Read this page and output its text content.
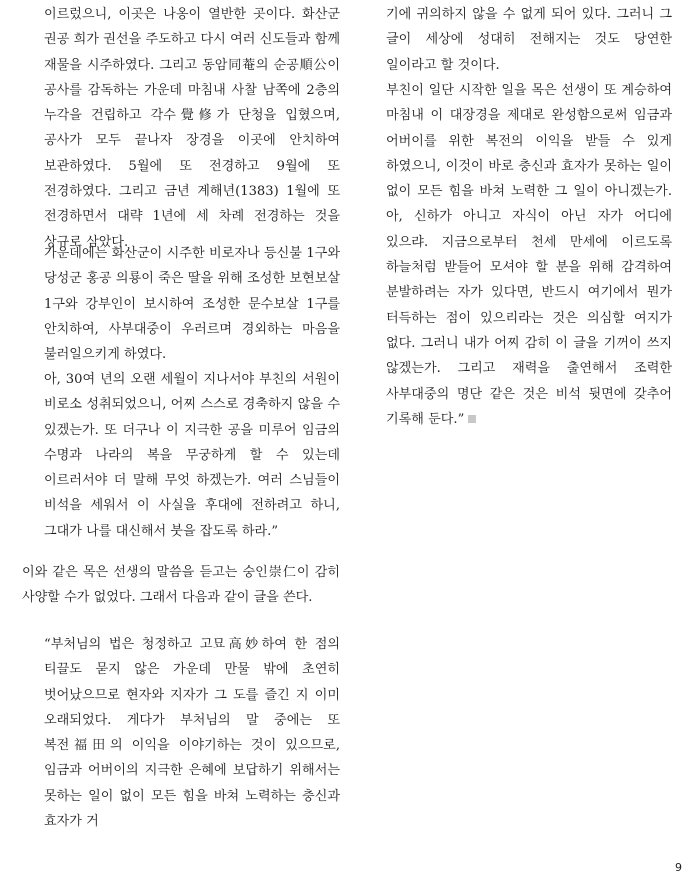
이르렀으니, 이곳은 나옹이 열반한 곳이다. 화산군 권공 희가 권선을 주도하고 다시 여러 신도들과 함께 재물을 시주하였다. 그리고 동암同菴의 순공順公이 공사를 감독하는 가운데 마침내 사찰 남쪽에 2층의 누각을 건립하고 각수覺修가 단청을 입혔으며, 공사가 모두 끝나자 장경을 이곳에 안치하여 보관하였다. 5월에 또 전경하고 9월에 또 전경하였다. 그리고 금년 계해년(1383) 1월에 또 전경하면서 대략 1년에 세 차례 전경하는 것을 상규로 삼았다.

가운데에는 화산군이 시주한 비로자나 등신불 1구와 당성군 홍공 의룡이 죽은 딸을 위해 조성한 보현보살 1구와 강부인이 보시하여 조성한 문수보살 1구를 안치하여, 사부대중이 우러르며 경외하는 마음을 불러일으키게 하였다.

아, 30여 년의 오랜 세월이 지나서야 부친의 서원이 비로소 성취되었으니, 어찌 스스로 경축하지 않을 수 있겠는가. 또 더구나 이 지극한 공을 미루어 임금의 수명과 나라의 복을 무궁하게 할 수 있는데 이르러서야 더 말해 무엇 하겠는가. 여러 스님들이 비석을 세워서 이 사실을 후대에 전하려고 하니, 그대가 나를 대신해서 붓을 잡도록 하라.”

이와 같은 목은 선생의 말씀을 듣고는 숭인崇仁이 감히 사양할 수가 없었다. 그래서 다음과 같이 글을 쓴다.

“부처님의 법은 청정하고 고묘高妙하여 한 점의 티끌도 묻지 않은 가운데 만물 밖에 초연히 벗어났으므로 현자와 지자가 그 도를 즐긴 지 이미 오래되었다. 게다가 부처님의 말 중에는 또 복전福田의 이익을 이야기하는 것이 있으므로, 임금과 어버이의 지극한 은혜에 보답하기 위해서는 못하는 일이 없이 모든 힘을 바쳐 노력하는 충신과 효자가 거

기에 귀의하지 않을 수 없게 되어 있다. 그러니 그 글이 세상에 성대히 전해지는 것도 당연한 일이라고 할 것이다.

부친이 일단 시작한 일을 목은 선생이 또 계승하여 마침내 이 대장경을 제대로 완성함으로써 임금과 어버이를 위한 복전의 이익을 받들 수 있게 하였으니, 이것이 바로 충신과 효자가 못하는 일이 없이 모든 힘을 바쳐 노력한 그 일이 아니겠는가. 아, 신하가 아니고 자식이 아닌 자가 어디에 있으랴. 지금으로부터 천세 만세에 이르도록 하늘처럼 받들어 모셔야 할 분을 위해 감격하여 분발하려는 자가 있다면, 반드시 여기에서 뭔가 터득하는 점이 있으리라는 것은 의심할 여지가 없다. 그러니 내가 어찌 감히 이 글을 기꺼이 쓰지 않겠는가. 그리고 재력을 출연해서 조력한 사부대중의 명단 같은 것은 비석 뒷면에 갖추어 기록해 둔다.”

9
